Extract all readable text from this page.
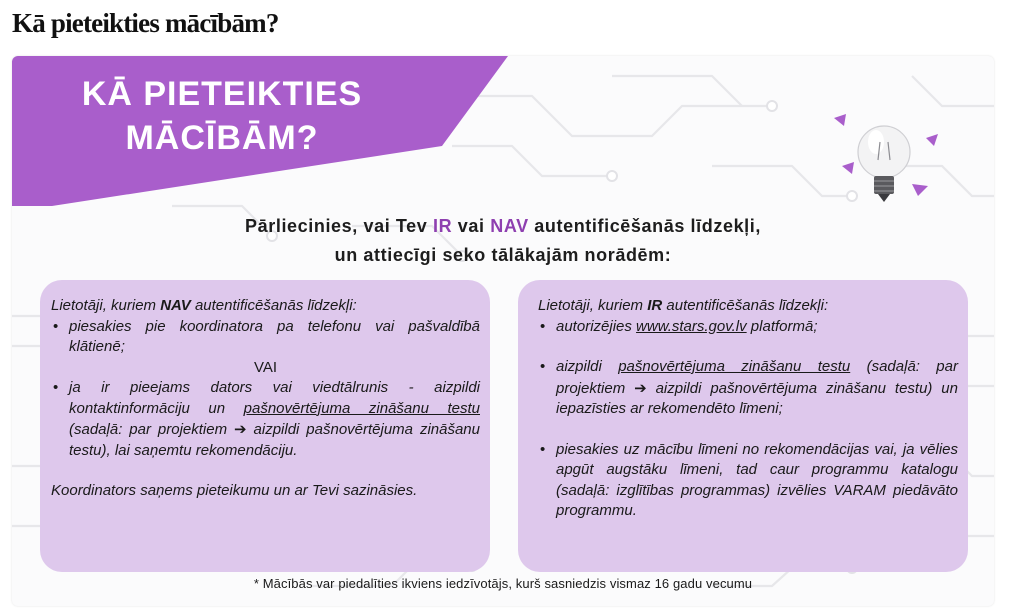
Kā pieteikties mācībām?
KĀ PIETEIKTIES
MĀCĪBĀM?
Pārliecinies, vai Tev IR vai NAV autentificēšanās līdzekļi,
un attiecīgi seko tālākajām norādēm:

Lietotāji, kuriem NAV autentificēšanās līdzekļi:

• piesakies pie koordinatora pa telefonu vai pašvaldībā klātienē;

VAI

• ja ir pieejams dators vai viedtālrunis - aizpildi kontaktinformāciju un pašnovērtējuma zināšanu testu (sadaļā: par projektiem ➔ aizpildi pašnovērtējuma zināšanu testu), lai saņemtu rekomendāciju.

Koordinators saņems pieteikumu un ar Tevi sazināsies.

Lietotāji, kuriem IR autentificēšanās līdzekļi:

• autorizējies www.stars.gov.lv platformā;
• aizpildi pašnovērtējuma zināšanu testu (sadaļā: par projektiem ➔ aizpildi pašnovērtējuma zināšanu testu) un iepazīsties ar rekomendēto līmeni;
• piesakies uz mācību līmeni no rekomendācijas vai, ja vēlies apgūt augstāku līmeni, tad caur programmu katalogu (sadaļā: izglītības programmas) izvēlies VARAM piedāvāto programmu.
* Mācībās var piedalīties ikviens iedzīvotājs, kurš sasniedzis vismaz 16 gadu vecumu
